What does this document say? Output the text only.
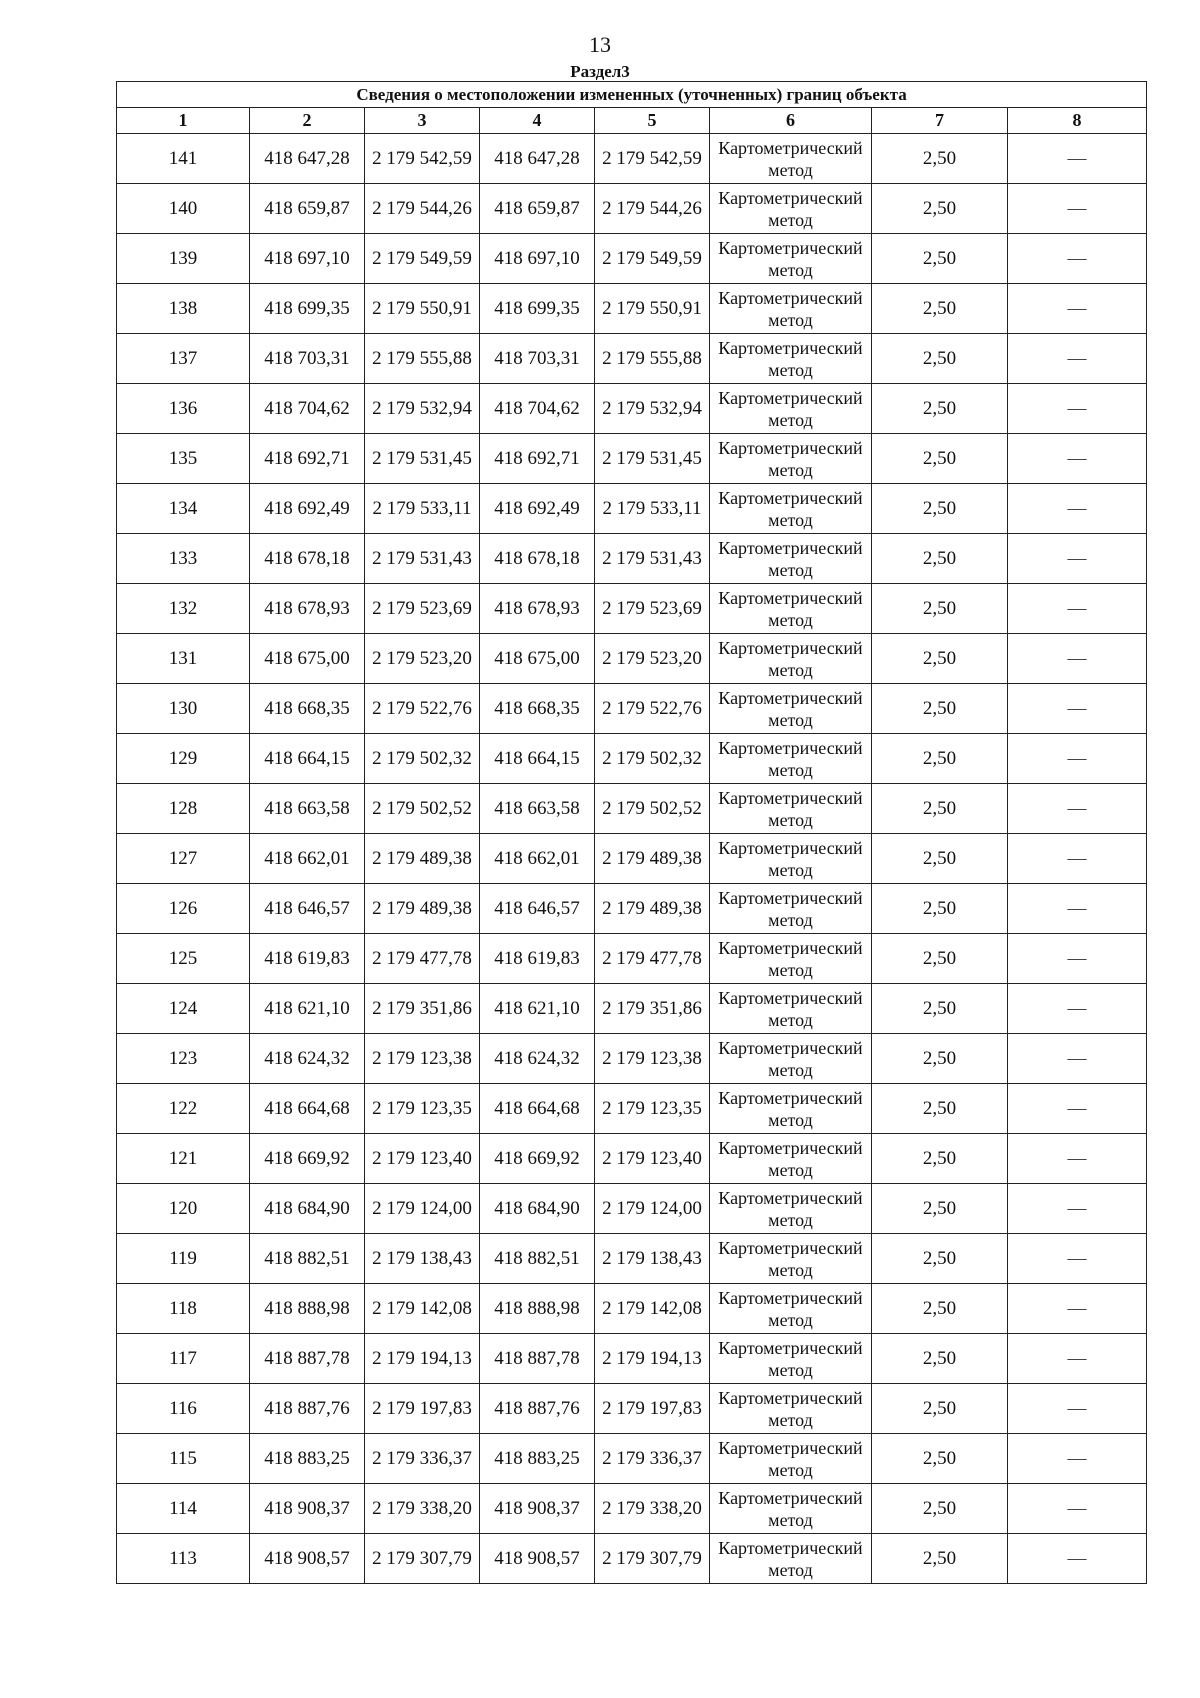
13
Раздел3
Сведения о местоположении измененных (уточненных) границ объекта							
1	2	3	4	5	6	7	8
141	418 647,28	2 179 542,59	418 647,28	2 179 542,59	Картометрический метод	2,50	—
140	418 659,87	2 179 544,26	418 659,87	2 179 544,26	Картометрический метод	2,50	—
139	418 697,10	2 179 549,59	418 697,10	2 179 549,59	Картометрический метод	2,50	—
138	418 699,35	2 179 550,91	418 699,35	2 179 550,91	Картометрический метод	2,50	—
137	418 703,31	2 179 555,88	418 703,31	2 179 555,88	Картометрический метод	2,50	—
136	418 704,62	2 179 532,94	418 704,62	2 179 532,94	Картометрический метод	2,50	—
135	418 692,71	2 179 531,45	418 692,71	2 179 531,45	Картометрический метод	2,50	—
134	418 692,49	2 179 533,11	418 692,49	2 179 533,11	Картометрический метод	2,50	—
133	418 678,18	2 179 531,43	418 678,18	2 179 531,43	Картометрический метод	2,50	—
132	418 678,93	2 179 523,69	418 678,93	2 179 523,69	Картометрический метод	2,50	—
131	418 675,00	2 179 523,20	418 675,00	2 179 523,20	Картометрический метод	2,50	—
130	418 668,35	2 179 522,76	418 668,35	2 179 522,76	Картометрический метод	2,50	—
129	418 664,15	2 179 502,32	418 664,15	2 179 502,32	Картометрический метод	2,50	—
128	418 663,58	2 179 502,52	418 663,58	2 179 502,52	Картометрический метод	2,50	—
127	418 662,01	2 179 489,38	418 662,01	2 179 489,38	Картометрический метод	2,50	—
126	418 646,57	2 179 489,38	418 646,57	2 179 489,38	Картометрический метод	2,50	—
125	418 619,83	2 179 477,78	418 619,83	2 179 477,78	Картометрический метод	2,50	—
124	418 621,10	2 179 351,86	418 621,10	2 179 351,86	Картометрический метод	2,50	—
123	418 624,32	2 179 123,38	418 624,32	2 179 123,38	Картометрический метод	2,50	—
122	418 664,68	2 179 123,35	418 664,68	2 179 123,35	Картометрический метод	2,50	—
121	418 669,92	2 179 123,40	418 669,92	2 179 123,40	Картометрический метод	2,50	—
120	418 684,90	2 179 124,00	418 684,90	2 179 124,00	Картометрический метод	2,50	—
119	418 882,51	2 179 138,43	418 882,51	2 179 138,43	Картометрический метод	2,50	—
118	418 888,98	2 179 142,08	418 888,98	2 179 142,08	Картометрический метод	2,50	—
117	418 887,78	2 179 194,13	418 887,78	2 179 194,13	Картометрический метод	2,50	—
116	418 887,76	2 179 197,83	418 887,76	2 179 197,83	Картометрический метод	2,50	—
115	418 883,25	2 179 336,37	418 883,25	2 179 336,37	Картометрический метод	2,50	—
114	418 908,37	2 179 338,20	418 908,37	2 179 338,20	Картометрический метод	2,50	—
113	418 908,57	2 179 307,79	418 908,57	2 179 307,79	Картометрический метод	2,50	—
